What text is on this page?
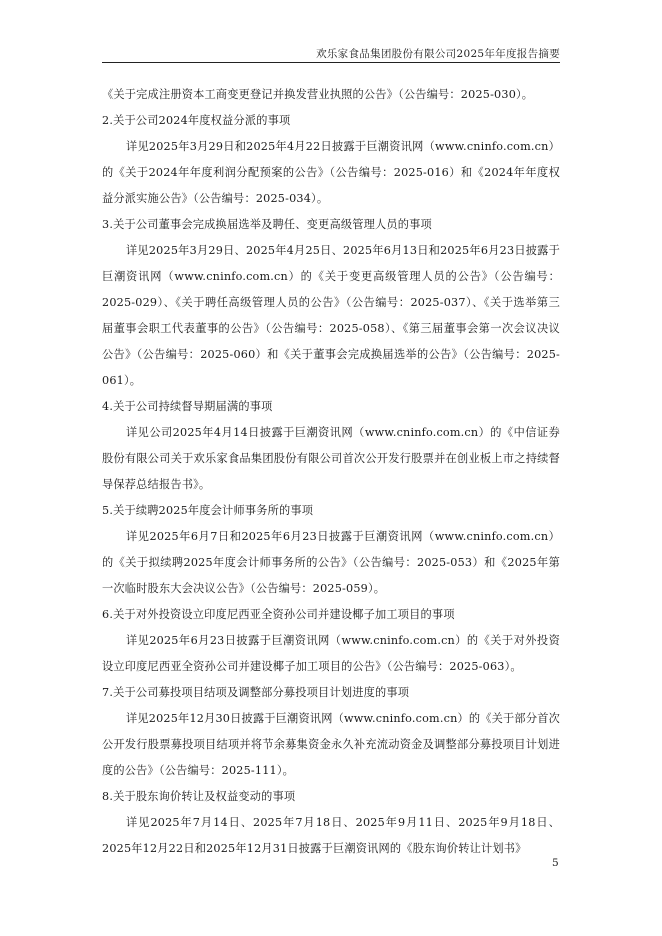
欢乐家食品集团股份有限公司2025年年度报告摘要

《关于完成注册资本工商变更登记并换发营业执照的公告》（公告编号：2025-030）。

2.关于公司2024年度权益分派的事项

详见2025年3月29日和2025年4月22日披露于巨潮资讯网（www.cninfo.com.cn）的《关于2024年年度利润分配预案的公告》（公告编号：2025-016）和《2024年年度权益分派实施公告》（公告编号：2025-034）。

3.关于公司董事会完成换届选举及聘任、变更高级管理人员的事项

详见2025年3月29日、2025年4月25日、2025年6月13日和2025年6月23日披露于巨潮资讯网（www.cninfo.com.cn）的《关于变更高级管理人员的公告》（公告编号：2025-029）、《关于聘任高级管理人员的公告》（公告编号：2025-037）、《关于选举第三届董事会职工代表董事的公告》（公告编号：2025-058）、《第三届董事会第一次会议决议公告》（公告编号：2025-060）和《关于董事会完成换届选举的公告》（公告编号：2025-061）。

4.关于公司持续督导期届满的事项

详见公司2025年4月14日披露于巨潮资讯网（www.cninfo.com.cn）的《中信证券股份有限公司关于欢乐家食品集团股份有限公司首次公开发行股票并在创业板上市之持续督导保荐总结报告书》。

5.关于续聘2025年度会计师事务所的事项

详见2025年6月7日和2025年6月23日披露于巨潮资讯网（www.cninfo.com.cn）的《关于拟续聘2025年度会计师事务所的公告》（公告编号：2025-053）和《2025年第一次临时股东大会决议公告》（公告编号：2025-059）。

6.关于对外投资设立印度尼西亚全资孙公司并建设椰子加工项目的事项

详见2025年6月23日披露于巨潮资讯网（www.cninfo.com.cn）的《关于对外投资设立印度尼西亚全资孙公司并建设椰子加工项目的公告》（公告编号：2025-063）。

7.关于公司募投项目结项及调整部分募投项目计划进度的事项

详见2025年12月30日披露于巨潮资讯网（www.cninfo.com.cn）的《关于部分首次公开发行股票募投项目结项并将节余募集资金永久补充流动资金及调整部分募投项目计划进度的公告》（公告编号：2025-111）。

8.关于股东询价转让及权益变动的事项

详见2025年7月14日、2025年7月18日、2025年9月11日、2025年9月18日、2025年12月22日和2025年12月31日披露于巨潮资讯网的《股东询价转让计划书》

5
